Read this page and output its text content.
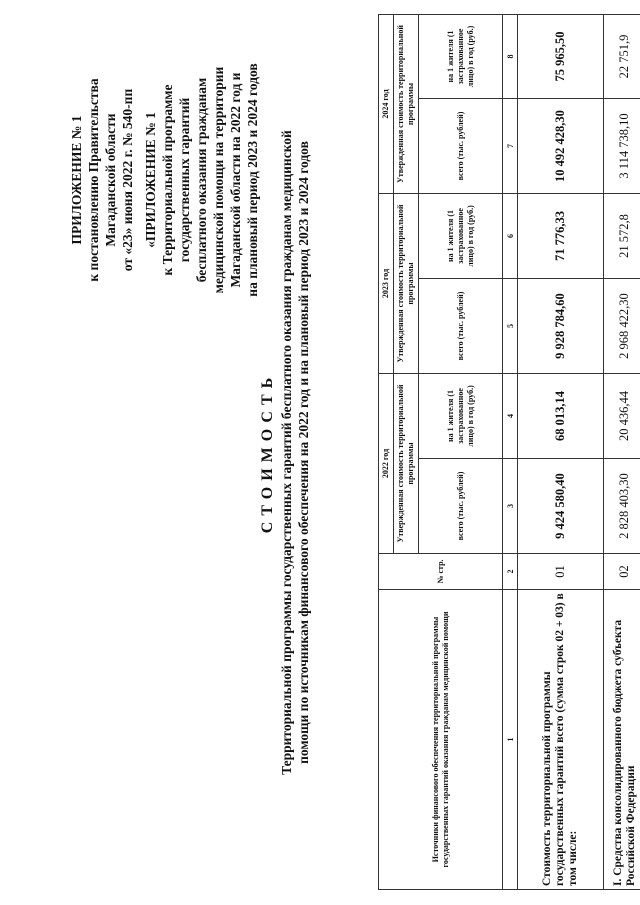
ПРИЛОЖЕНИЕ № 1 к постановлению Правительства Магаданской области от «23» июня 2022 г. № 540-пп «ПРИЛОЖЕНИЕ № 1 к Территориальной программе государственных гарантий бесплатного оказания гражданам медицинской помощи на территории Магаданской области на 2022 год и на плановый период 2023 и 2024 годов
СТОИМОСТЬ Территориальной программы государственных гарантий бесплатного оказания гражданам медицинской помощи по источникам финансового обеспечения на 2022 год и на плановый период 2023 и 2024 годов	Источники финансового обеспечения территориальной программы государственных гарантий оказания гражданам медицинской помощи	№ стр.	2022 год		2023 год		2024 год	
		Утвержденная стоимость территориальной программы		Утвержденная стоимость территориальной программы		Утвержденная стоимость территориальной программы	
		всего (тыс. рублей)	на 1 жителя (1 застрахованное лицо) в год (руб.)	всего (тыс. рублей)	на 1 жителя (1 застрахованное лицо) в год (руб.)	всего (тыс. рублей)	на 1 жителя (1 застрахованное лицо) в год (руб.)
1	2	3	4	5	6	7	8
Стоимость территориальной программы государственных гарантий всего (сумма строк 02 + 03) в том числе:	01	9 424 580,40	68 013,14	9 928 784,60	71 776,33	10 492 428,30	75 965,50
I. Средства консолидированного бюджета субъекта Российской Федерации	02	2 828 403,30	20 436,44	2 968 422,30	21 572,8	3 114 738,10	22 751,9
